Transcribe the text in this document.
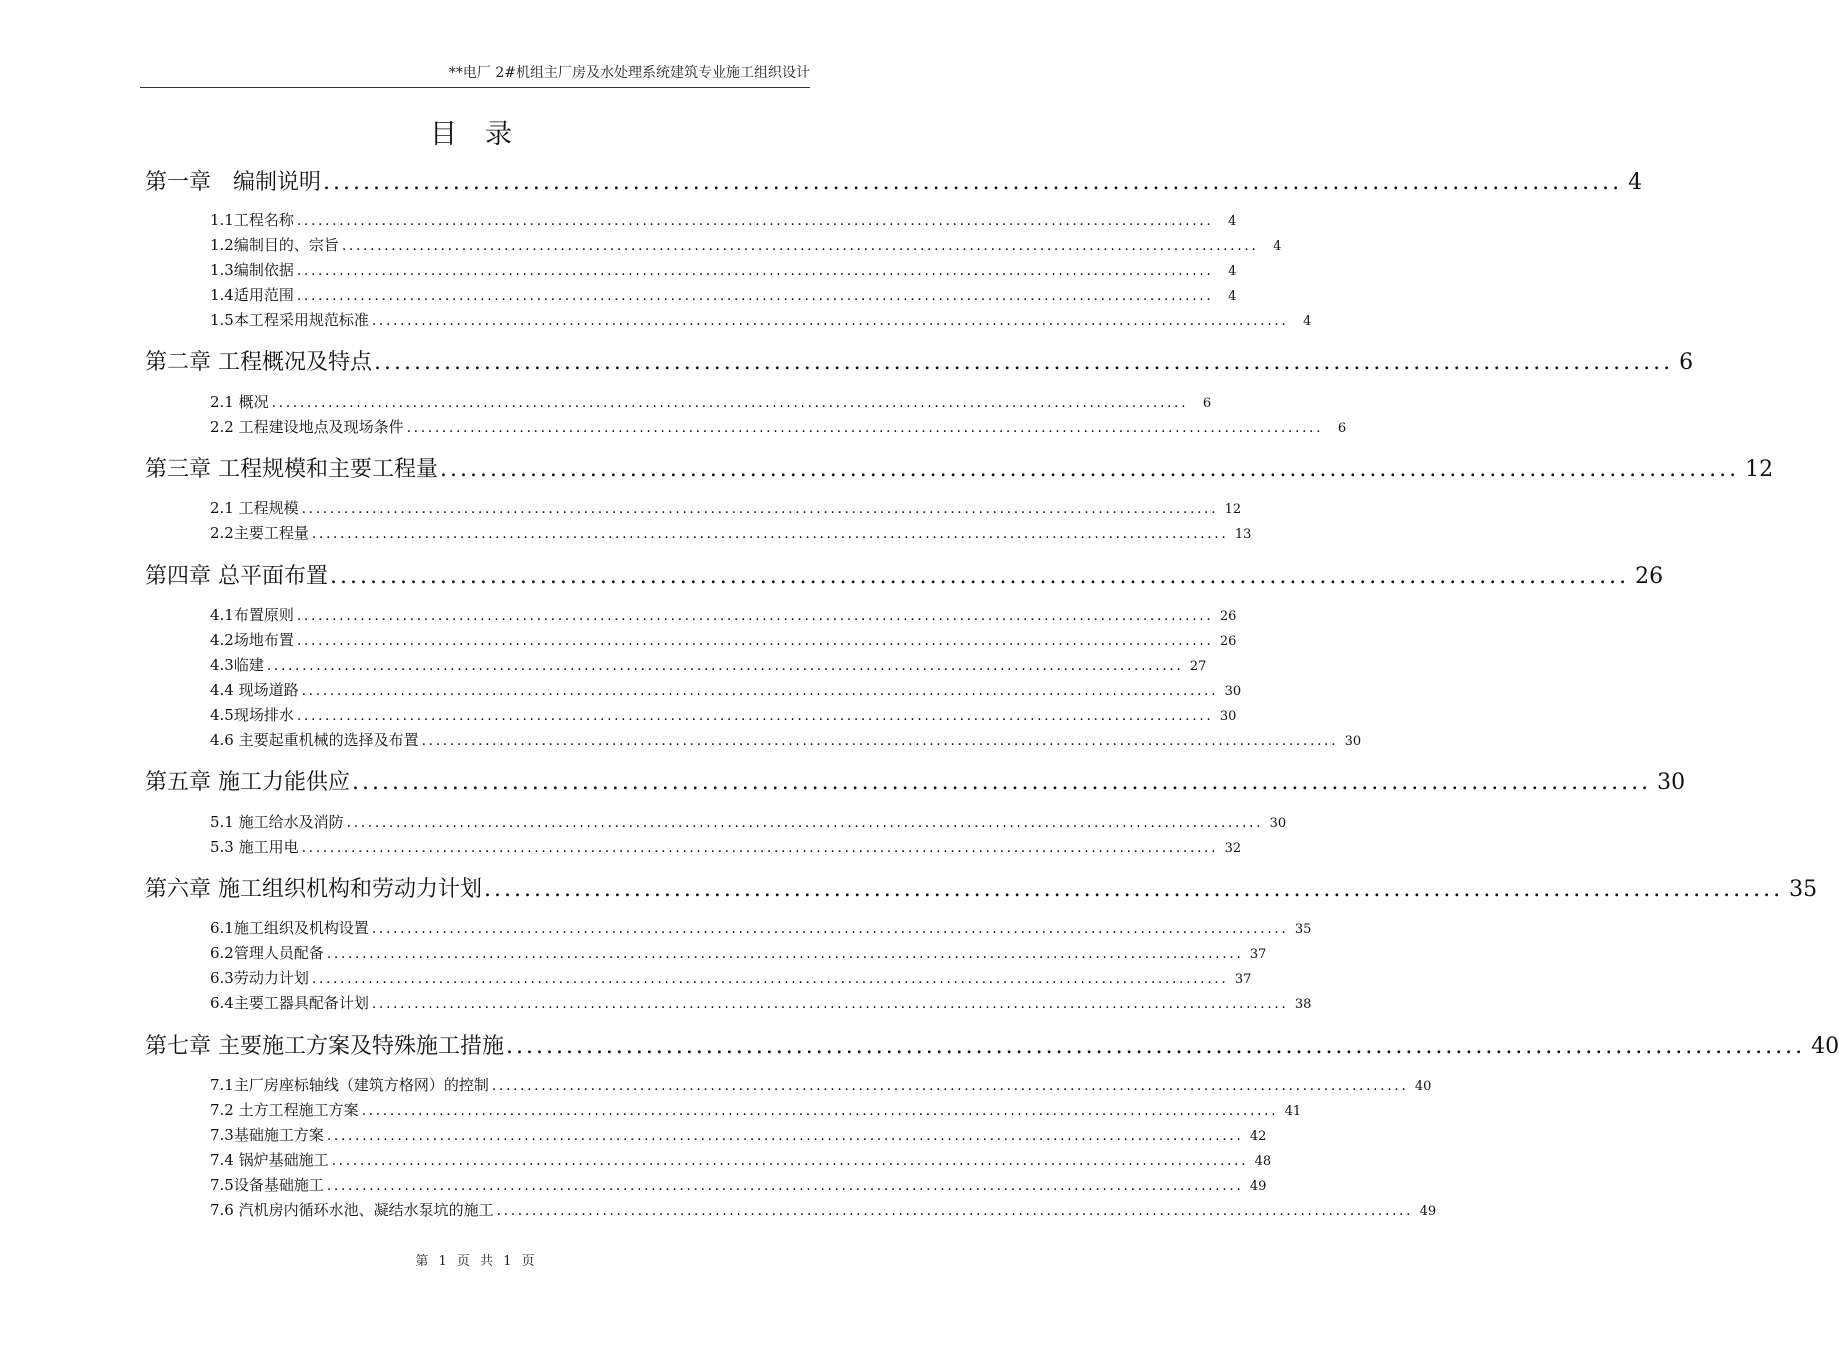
**电厂 2#机组主厂房及水处理系统建筑专业施工组织设计
目录
第一章　编制说明 .................................................................................................................................. 4
1.1工程名称 ..................................................................................................................................	4
1.2编制目的、宗旨 ..................................................................................................................................	4
1.3编制依据 ..................................................................................................................................	4
1.4适用范围 ..................................................................................................................................	4
1.5本工程采用规范标准 ..................................................................................................................................	4
第二章 工程概况及特点 .................................................................................................................................. 6
2.1 概况 ..................................................................................................................................	6
2.2 工程建设地点及现场条件 ..................................................................................................................................	6
第三章 工程规模和主要工程量 .................................................................................................................................. 12
2.1 工程规模 .................................................................................................................................. 12
2.2主要工程量 .................................................................................................................................. 13
第四章 总平面布置 .................................................................................................................................. 26
4.1布置原则 .................................................................................................................................. 26
4.2场地布置 .................................................................................................................................. 26
4.3临建 .................................................................................................................................. 27
4.4 现场道路 .................................................................................................................................. 30
4.5现场排水 .................................................................................................................................. 30
4.6 主要起重机械的选择及布置 .................................................................................................................................. 30
第五章 施工力能供应 .................................................................................................................................. 30
5.1 施工给水及消防 .................................................................................................................................. 30
5.3 施工用电 .................................................................................................................................. 32
第六章 施工组织机构和劳动力计划 .................................................................................................................................. 35
6.1施工组织及机构设置 .................................................................................................................................. 35
6.2管理人员配备 .................................................................................................................................. 37
6.3劳动力计划 .................................................................................................................................. 37
6.4主要工器具配备计划 .................................................................................................................................. 38
第七章 主要施工方案及特殊施工措施 .................................................................................................................................. 40
7.1主厂房座标轴线（建筑方格网）的控制 .................................................................................................................................. 40
7.2 土方工程施工方案 .................................................................................................................................. 41
7.3基础施工方案 .................................................................................................................................. 42
7.4 锅炉基础施工 .................................................................................................................................. 48
7.5设备基础施工 .................................................................................................................................. 49
7.6 汽机房内循环水池、凝结水泵坑的施工 .................................................................................................................................. 49
第 1 页 共 1 页
